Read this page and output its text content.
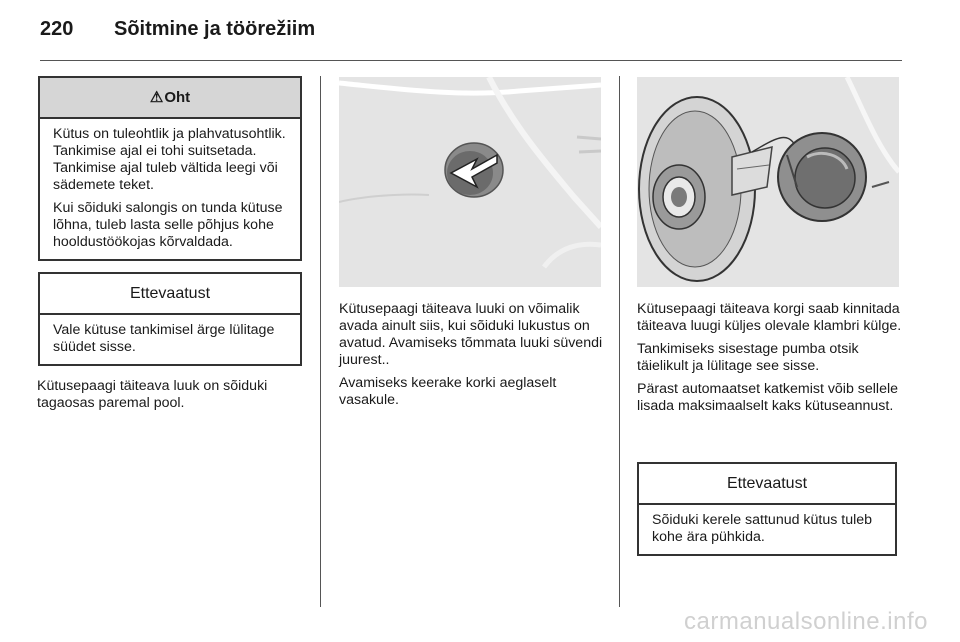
220 Sõitmine ja töörežiim
⚠Oht

Kütus on tuleohtlik ja plahvatusohtlik. Tankimise ajal ei tohi suitsetada. Tankimise ajal tuleb vältida leegi või sädemete teket.

Kui sõiduki salongis on tunda kütuse lõhna, tuleb lasta selle põhjus kohe hooldustöökojas kõrvaldada.

Ettevaatust

Vale kütuse tankimisel ärge lülitage süüdet sisse.

Kütusepaagi täiteava luuk on sõiduki tagaosas paremal pool.

Kütusepaagi täiteava luuki on võimalik avada ainult siis, kui sõiduki lukustus on avatud. Avamiseks tõmmata luuki süvendi juurest..

Avamiseks keerake korki aeglaselt vasakule.

Kütusepaagi täiteava korgi saab kinnitada täiteava luugi küljes olevale klambri külge.

Tankimiseks sisestage pumba otsik täielikult ja lülitage see sisse.

Pärast automaatset katkemist võib sellele lisada maksimaalselt kaks kütuseannust.

Ettevaatust

Sõiduki kerele sattunud kütus tuleb kohe ära pühkida.

carmanualsonline.info
